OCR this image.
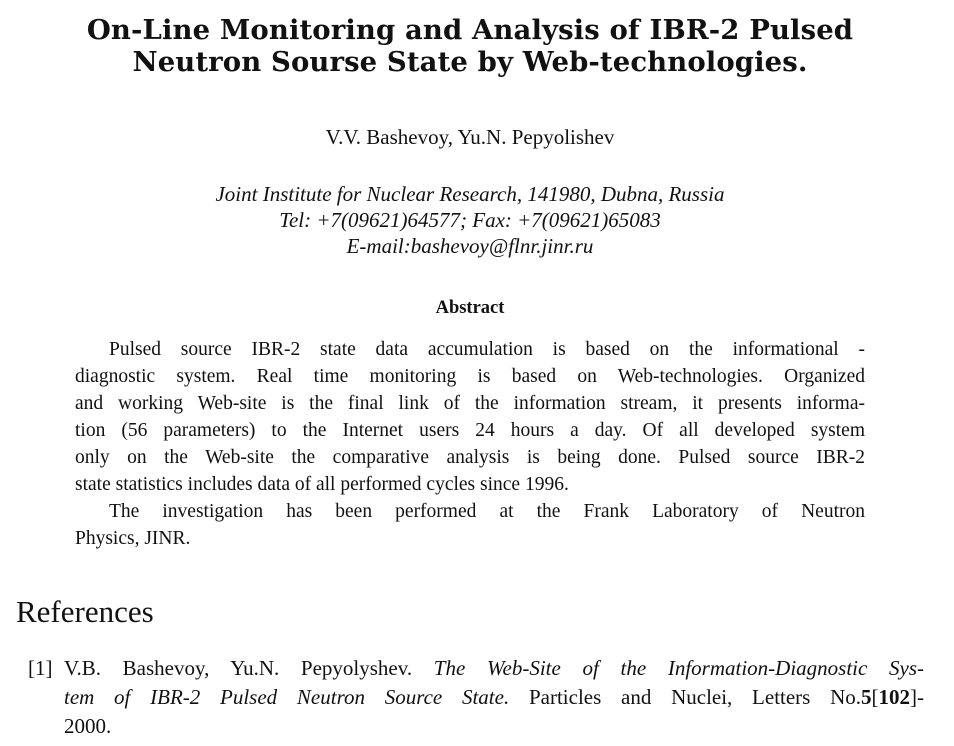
On-Line Monitoring and Analysis of IBR-2 Pulsed
Neutron Sourse State by Web-technologies.
V.V. Bashevoy, Yu.N. Pepyolishev
Joint Institute for Nuclear Research, 141980, Dubna, Russia
Tel: +7(09621)64577; Fax: +7(09621)65083
E-mail:bashevoy@flnr.jinr.ru
Abstract
Pulsed source IBR-2 state data accumulation is based on the informational -
diagnostic system. Real time monitoring is based on Web-technologies. Organized
and working Web-site is the final link of the information stream, it presents informa-
tion (56 parameters) to the Internet users 24 hours a day. Of all developed system
only on the Web-site the comparative analysis is being done. Pulsed source IBR-2
state statistics includes data of all performed cycles since 1996.
The investigation has been performed at the Frank Laboratory of Neutron
Physics, JINR.
References
[1] V.B. Bashevoy, Yu.N. Pepyolyshev. The Web-Site of the Information-Diagnostic Sys-
tem of IBR-2 Pulsed Neutron Source State. Particles and Nuclei, Letters No.5[102]-
2000.
